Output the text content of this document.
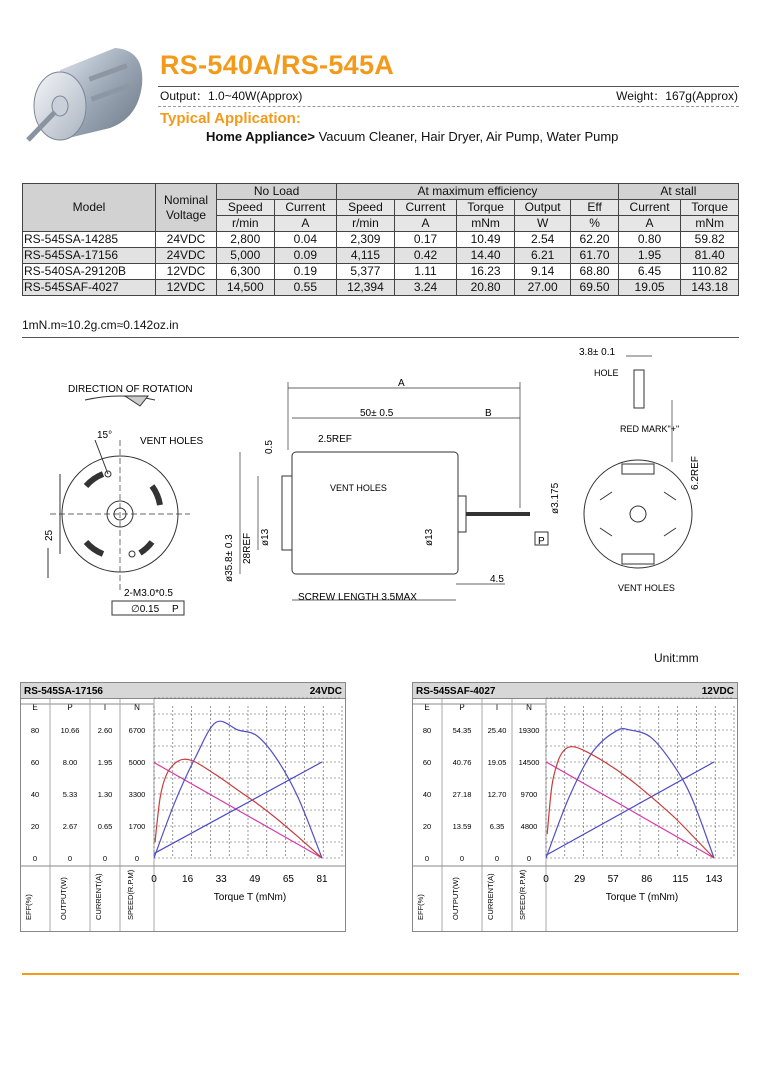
RS-540A/RS-545A
Output：1.0~40W(Approx)	Weight：167g(Approx)
Typical Application:
Home Appliance> Vacuum Cleaner, Hair Dryer, Air Pump, Water Pump
Model	Nominal
Voltage	No Load		At maximum efficiency					At stall	
		Speed	Current	Speed	Current	Torque	Output	Eff	Current	Torque
		r/min	A	r/min	A	mNm	W	%	A	mNm
RS-545SA-14285	24VDC	2,800	0.04	2,309	0.17	10.49	2.54	62.20	0.80	59.82
RS-545SA-17156	24VDC	5,000	0.09	4,115	0.42	14.40	6.21	61.70	1.95	81.40
RS-540SA-29120B	12VDC	6,300	0.19	5,377	1.11	16.23	9.14	68.80	6.45	110.82
RS-545SAF-4027	12VDC	14,500	0.55	12,394	3.24	20.80	27.00	69.50	19.05	143.18
1mN.m≈10.2g.cm≈0.142oz.in
DIRECTION OF ROTATION
15°
VENT HOLES
25
2-M3.0*0.5
∅0.15 P
A
50± 0.5	B
0.5
2.5REF
VENT HOLES
ø35.8± 0.3 28REF ø13	ø13
ø3.175
P
4.5
SCREW LENGTH 3.5MAX
3.8± 0.1
HOLE
RED MARK"+"
6.2REF
VENT HOLES
Unit:mm
RS-545SA-17156	24VDC
E	P	I	N
80	10.66 2.60 6700
60	8.00	1.95 5000
40	5.33	1.30 3300
20	2.67	0.65 1700
0	0	0	0
EFF(%)	OUTPUT(W)	CURRENT(A)	SPEED(R.P.M) 0	16 33 49 65 81
Torque T (mNm)
RS-545SAF-4027	12VDC
E	P	I	N
80	54.35 25.40 19300
60	40.76 19.05 14500
40	27.18 12.70 9700
20	13.59 6.35 4800
0	0	0	0
EFF(%)	OUTPUT(W)	CURRENT(A)	SPEED(R.P.M) 0	29 57 86 115 143
Torque T (mNm)
